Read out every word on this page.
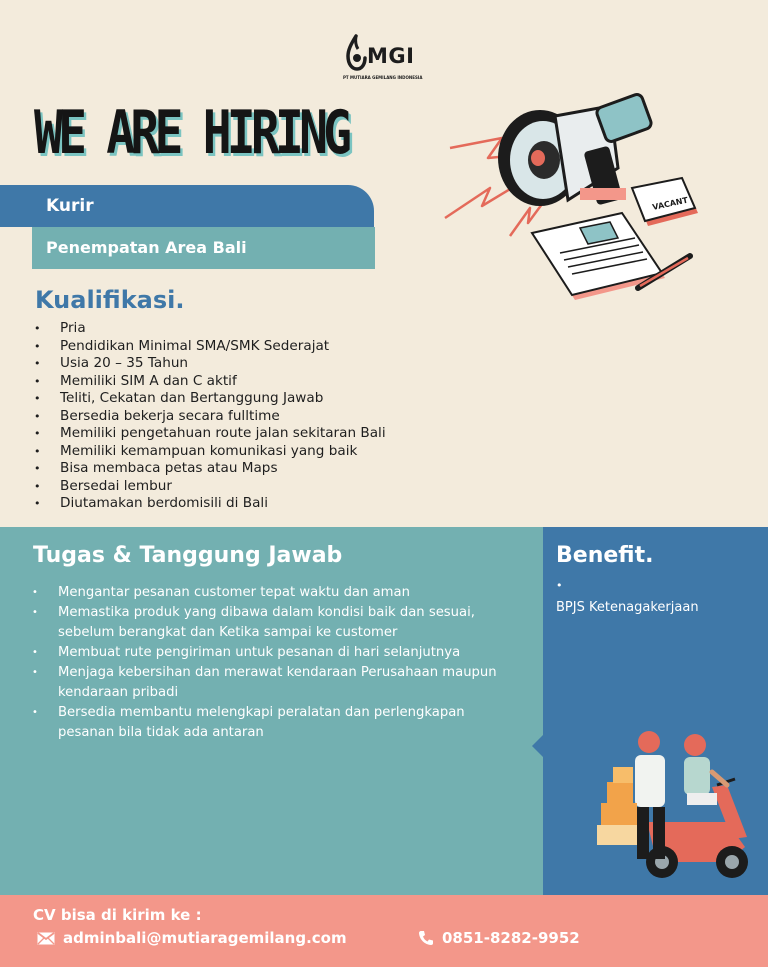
MGI
PT MUTIARA GEMILANG INDONESIA
WE ARE HIRING
Kurir
Penempatan Area Bali
Kualifikasi.
• Pria
• Pendidikan Minimal SMA/SMK Sederajat
• Usia 20 – 35 Tahun
• Memiliki SIM A dan C aktif
• Teliti, Cekatan dan Bertanggung Jawab
• Bersedia bekerja secara fulltime
• Memiliki pengetahuan route jalan sekitaran Bali
• Memiliki kemampuan komunikasi yang baik
• Bisa membaca petas atau Maps
• Bersedai lembur
• Diutamakan berdomisili di Bali
VACANT
Tugas & Tanggung Jawab
• Mengantar pesanan customer tepat waktu dan aman
• Memastika produk yang dibawa dalam kondisi baik dan sesuai, sebelum berangkat dan Ketika sampai ke customer
• Membuat rute pengiriman untuk pesanan di hari selanjutnya
• Menjaga kebersihan dan merawat kendaraan Perusahaan maupun kendaraan pribadi
• Bersedia membantu melengkapi peralatan dan perlengkapan pesanan bila tidak ada antaran
Benefit.
•
BPJS Ketenagakerjaan
CV bisa di kirim ke :
adminbali@mutiaragemilang.com	0851-8282-9952
